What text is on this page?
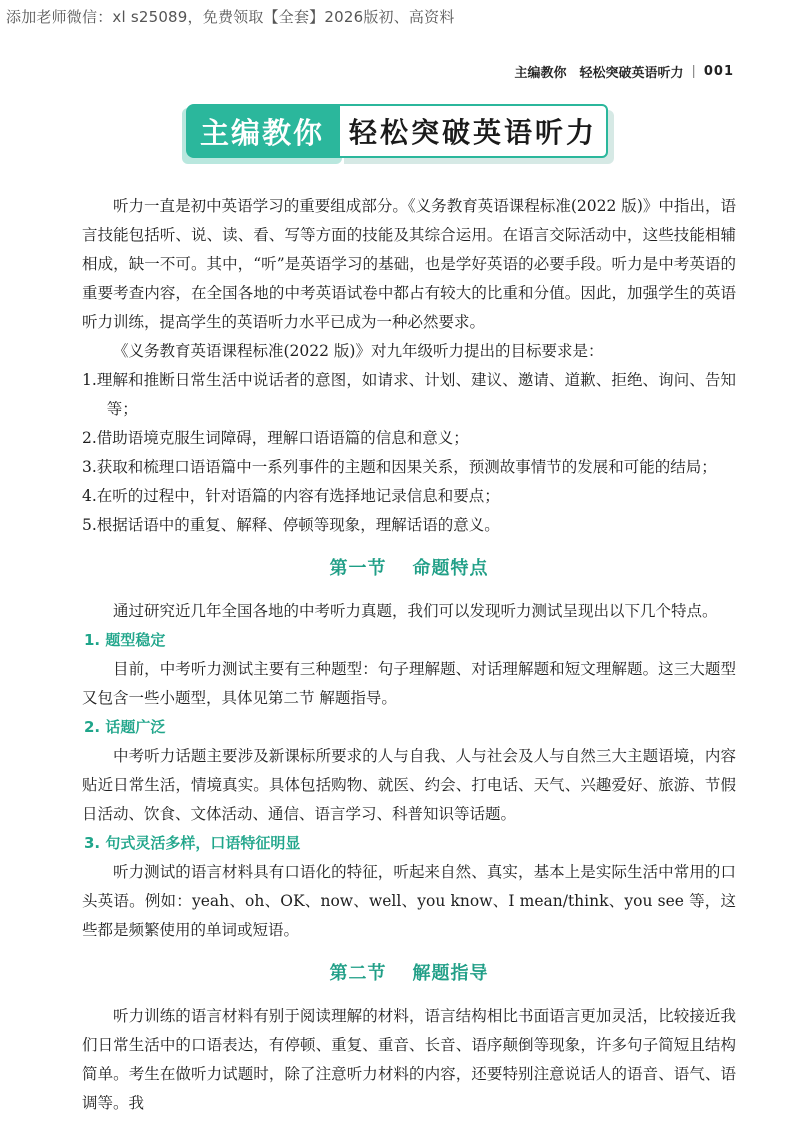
添加老师微信：xl s25089，免费领取【全套】2026版初、高资料
主编教你　轻松突破英语听力 | 001
主编教你 轻松突破英语听力

听力一直是初中英语学习的重要组成部分。《义务教育英语课程标准(2022 版)》中指出，语言技能包括听、说、读、看、写等方面的技能及其综合运用。在语言交际活动中，这些技能相辅相成，缺一不可。其中，“听”是英语学习的基础，也是学好英语的必要手段。听力是中考英语的重要考查内容，在全国各地的中考英语试卷中都占有较大的比重和分值。因此，加强学生的英语听力训练，提高学生的英语听力水平已成为一种必然要求。

《义务教育英语课程标准(2022 版)》对九年级听力提出的目标要求是：

1.理解和推断日常生活中说话者的意图，如请求、计划、建议、邀请、道歉、拒绝、询问、告知等；

2.借助语境克服生词障碍，理解口语语篇的信息和意义；

3.获取和梳理口语语篇中一系列事件的主题和因果关系，预测故事情节的发展和可能的结局；

4.在听的过程中，针对语篇的内容有选择地记录信息和要点；

5.根据话语中的重复、解释、停顿等现象，理解话语的意义。

第一节 命题特点

通过研究近几年全国各地的中考听力真题，我们可以发现听力测试呈现出以下几个特点。

1. 题型稳定

目前，中考听力测试主要有三种题型：句子理解题、对话理解题和短文理解题。这三大题型又包含一些小题型，具体见第二节 解题指导。

2. 话题广泛

中考听力话题主要涉及新课标所要求的人与自我、人与社会及人与自然三大主题语境，内容贴近日常生活，情境真实。具体包括购物、就医、约会、打电话、天气、兴趣爱好、旅游、节假日活动、饮食、文体活动、通信、语言学习、科普知识等话题。

3. 句式灵活多样，口语特征明显

听力测试的语言材料具有口语化的特征，听起来自然、真实，基本上是实际生活中常用的口头英语。例如：yeah、oh、OK、now、well、you know、I mean/think、you see 等，这些都是频繁使用的单词或短语。

第二节 解题指导

听力训练的语言材料有别于阅读理解的材料，语言结构相比书面语言更加灵活，比较接近我们日常生活中的口语表达，有停顿、重复、重音、长音、语序颠倒等现象，许多句子简短且结构简单。考生在做听力试题时，除了注意听力材料的内容，还要特别注意说话人的语音、语气、语调等。我
